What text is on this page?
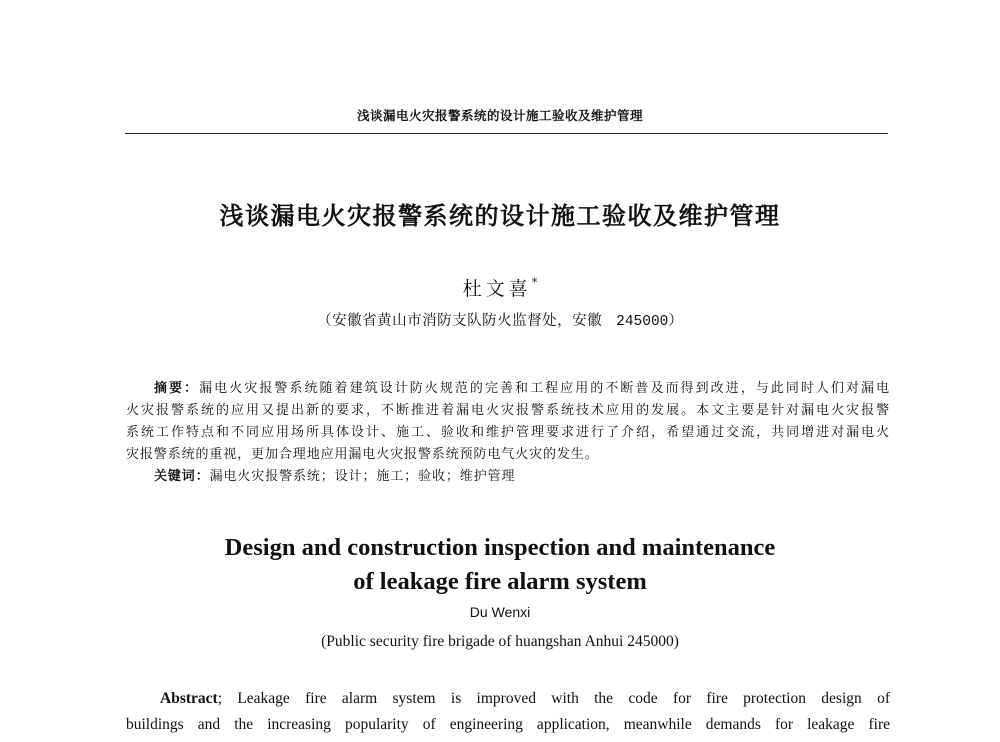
浅谈漏电火灾报警系统的设计施工验收及维护管理
浅谈漏电火灾报警系统的设计施工验收及维护管理
杜文喜*
（安徽省黄山市消防支队防火监督处，安徽 245000）
摘要：漏电火灾报警系统随着建筑设计防火规范的完善和工程应用的不断普及而得到改进，与此同时人们对漏电
火灾报警系统的应用又提出新的要求，不断推进着漏电火灾报警系统技术应用的发展。本文主要是针对漏电火灾报警
系统工作特点和不同应用场所具体设计、施工、验收和维护管理要求进行了介绍，希望通过交流，共同增进对漏电火
灾报警系统的重视，更加合理地应用漏电火灾报警系统预防电气火灾的发生。
关键词：漏电火灾报警系统；设计；施工；验收；维护管理
Design and construction inspection and maintenance
of leakage fire alarm system
Du Wenxi
(Public security fire brigade of huangshan Anhui 245000)
Abstract; Leakage fire alarm system is improved with the code for fire protection design of
buildings and the increasing popularity of engineering application, meanwhile demands for leakage fire
